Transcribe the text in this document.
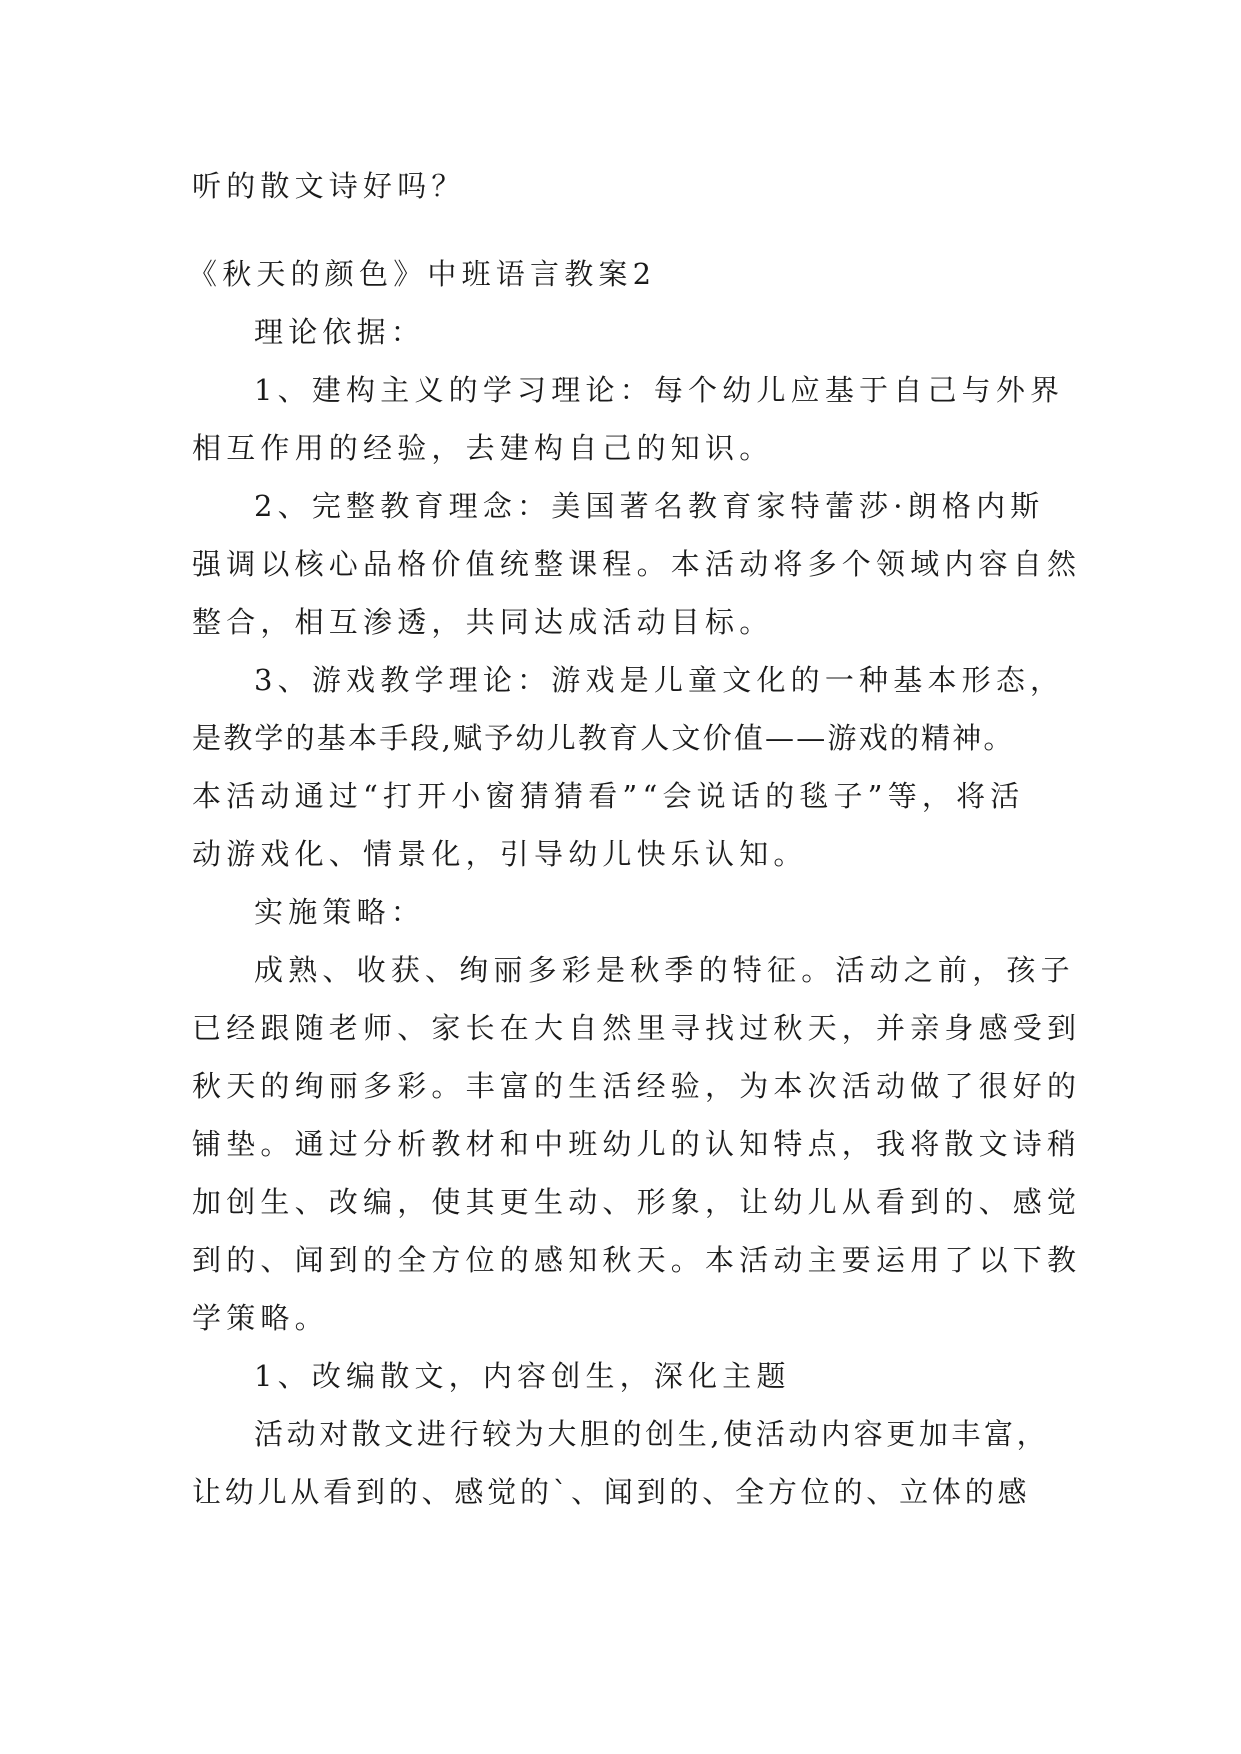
听的散文诗好吗？
《秋天的颜色》中班语言教案2
理论依据：
1、建构主义的学习理论：每个幼儿应基于自己与外界
相互作用的经验，去建构自己的知识。
2、完整教育理念：美国著名教育家特蕾莎·朗格内斯
强调以核心品格价值统整课程。本活动将多个领域内容自然
整合，相互渗透，共同达成活动目标。
3、游戏教学理论：游戏是儿童文化的一种基本形态，
是教学的基本手段,赋予幼儿教育人文价值——游戏的精神。
本活动通过“打开小窗猜猜看”“会说话的毯子”等，将活
动游戏化、情景化，引导幼儿快乐认知。
实施策略：
成熟、收获、绚丽多彩是秋季的特征。活动之前，孩子
已经跟随老师、家长在大自然里寻找过秋天，并亲身感受到
秋天的绚丽多彩。丰富的生活经验，为本次活动做了很好的
铺垫。通过分析教材和中班幼儿的认知特点，我将散文诗稍
加创生、改编，使其更生动、形象，让幼儿从看到的、感觉
到的、闻到的全方位的感知秋天。本活动主要运用了以下教
学策略。
1、改编散文，内容创生，深化主题
活动对散文进行较为大胆的创生,使活动内容更加丰富，
让幼儿从看到的、感觉的`、闻到的、全方位的、立体的感
